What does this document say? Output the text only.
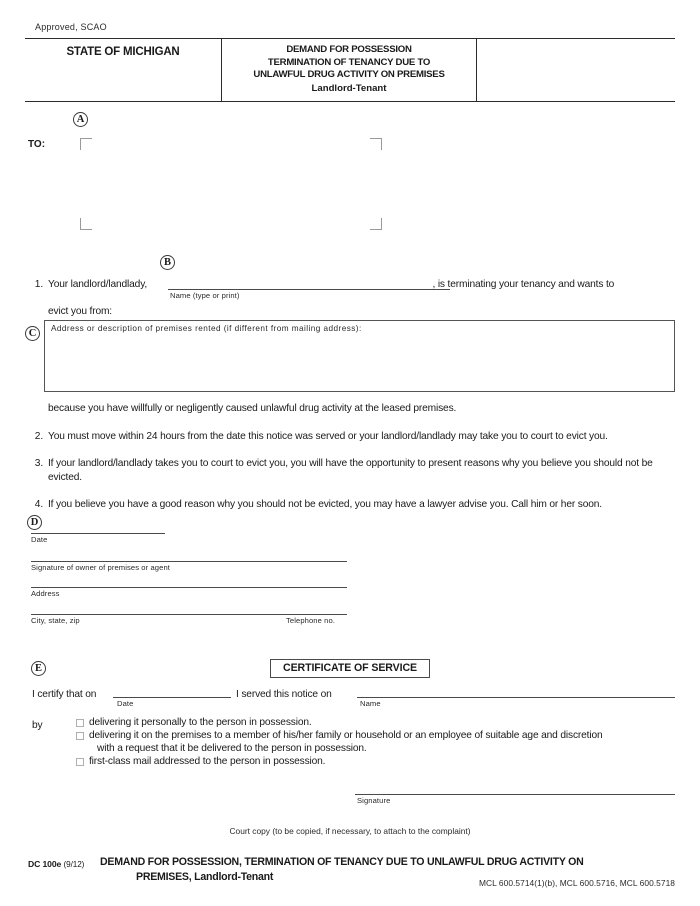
Approved, SCAO
STATE OF MICHIGAN	DEMAND FOR POSSESSION
TERMINATION OF TENANCY DUE TO
UNLAWFUL DRUG ACTIVITY ON PREMISES
Landlord-Tenant
A
TO:
B
1. Your landlord/landlady,	, is terminating your tenancy and wants to
Name (type or print)
evict you from:
C	Address or description of premises rented (if different from mailing address):
because you have willfully or negligently caused unlawful drug activity at the leased premises.
2. You must move within 24 hours from the date this notice was served or your landlord/landlady may take you to court to evict you.
3. If your landlord/landlady takes you to court to evict you, you will have the opportunity to present reasons why you believe you should not be evicted.
4. If you believe you have a good reason why you should not be evicted, you may have a lawyer advise you. Call him or her soon.
D
Date
Signature of owner of premises or agent
Address
City, state, zip	Telephone no.
E	CERTIFICATE OF SERVICE
I certify that on
Date
I served this notice on
Name
by	delivering it personally to the person in possession.
delivering it on the premises to a member of his/her family or household or an employee of suitable age and discretion
with a request that it be delivered to the person in possession.
first-class mail addressed to the person in possession.
Signature
Court copy (to be copied, if necessary, to attach to the complaint)
DC 100e (9/12) DEMAND FOR POSSESSION, TERMINATION OF TENANCY DUE TO UNLAWFUL DRUG ACTIVITY ON
PREMISES, Landlord-Tenant	MCL 600.5714(1)(b), MCL 600.5716, MCL 600.5718
